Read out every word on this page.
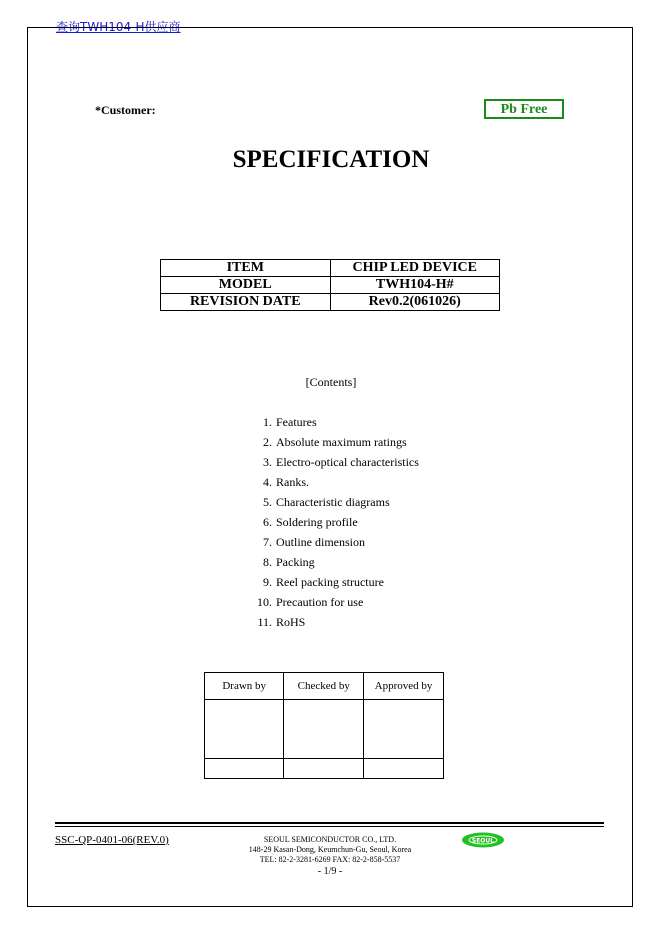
查询TWH104-H供应商
*Customer:	Pb Free
SPECIFICATION
ITEM	CHIP LED DEVICE
MODEL	TWH104-H#
REVISION DATE	Rev0.2(061026)
[Contents]
1. Features
2. Absolute maximum ratings
3. Electro-optical characteristics
4. Ranks.
5. Characteristic diagrams
6. Soldering profile
7. Outline dimension
8. Packing
9. Reel packing structure
10. Precaution for use
11. RoHS
Drawn by	Checked by	Approved by

SSC-QP-0401-06(REV.0)	SEOUL SEMICONDUCTOR CO., LTD.
148-29 Kasan-Dong, Keumchun-Gu, Seoul, Korea
TEL: 82-2-3281-6269 FAX: 82-2-858-5537
- 1/9 -
SEOUL
